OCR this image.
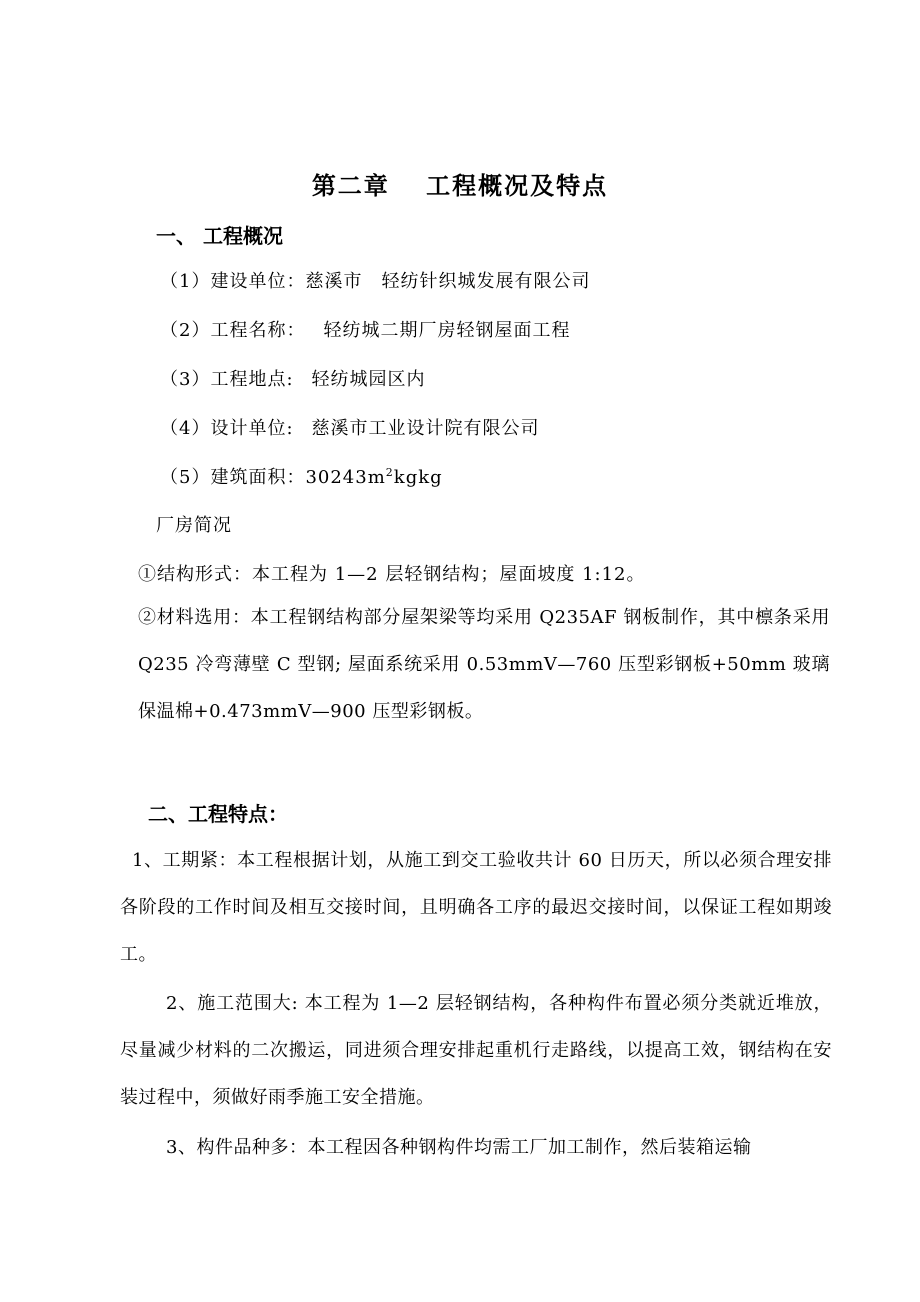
第二章　 工程概况及特点
一、 工程概况
（1）建设单位：慈溪市　轻纺针织城发展有限公司
（2）工程名称： 轻纺城二期厂房轻钢屋面工程
（3）工程地点: 轻纺城园区内
（4）设计单位: 慈溪市工业设计院有限公司
（5）建筑面积：$30243m^2kgkg$
厂房简况
①结构形式：本工程为 1—2 层轻钢结构；屋面坡度 1:12。
②材料选用：本工程钢结构部分屋架梁等均采用 Q235AF 钢板制作，其中檩条采用 Q235 冷弯薄壁 C 型钢; 屋面系统采用 0.53mmV—760 压型彩钢板+50mm 玻璃保温棉+0.473mmV—900 压型彩钢板。
二、工程特点：
1、工期紧：本工程根据计划，从施工到交工验收共计 60 日历天，所以必须合理安排各阶段的工作时间及相互交接时间，且明确各工序的最迟交接时间，以保证工程如期竣工。
2、施工范围大: 本工程为 1—2 层轻钢结构，各种构件布置必须分类就近堆放，尽量减少材料的二次搬运，同进须合理安排起重机行走路线，以提高工效，钢结构在安装过程中，须做好雨季施工安全措施。
3、构件品种多：本工程因各种钢构件均需工厂加工制作，然后装箱运输
